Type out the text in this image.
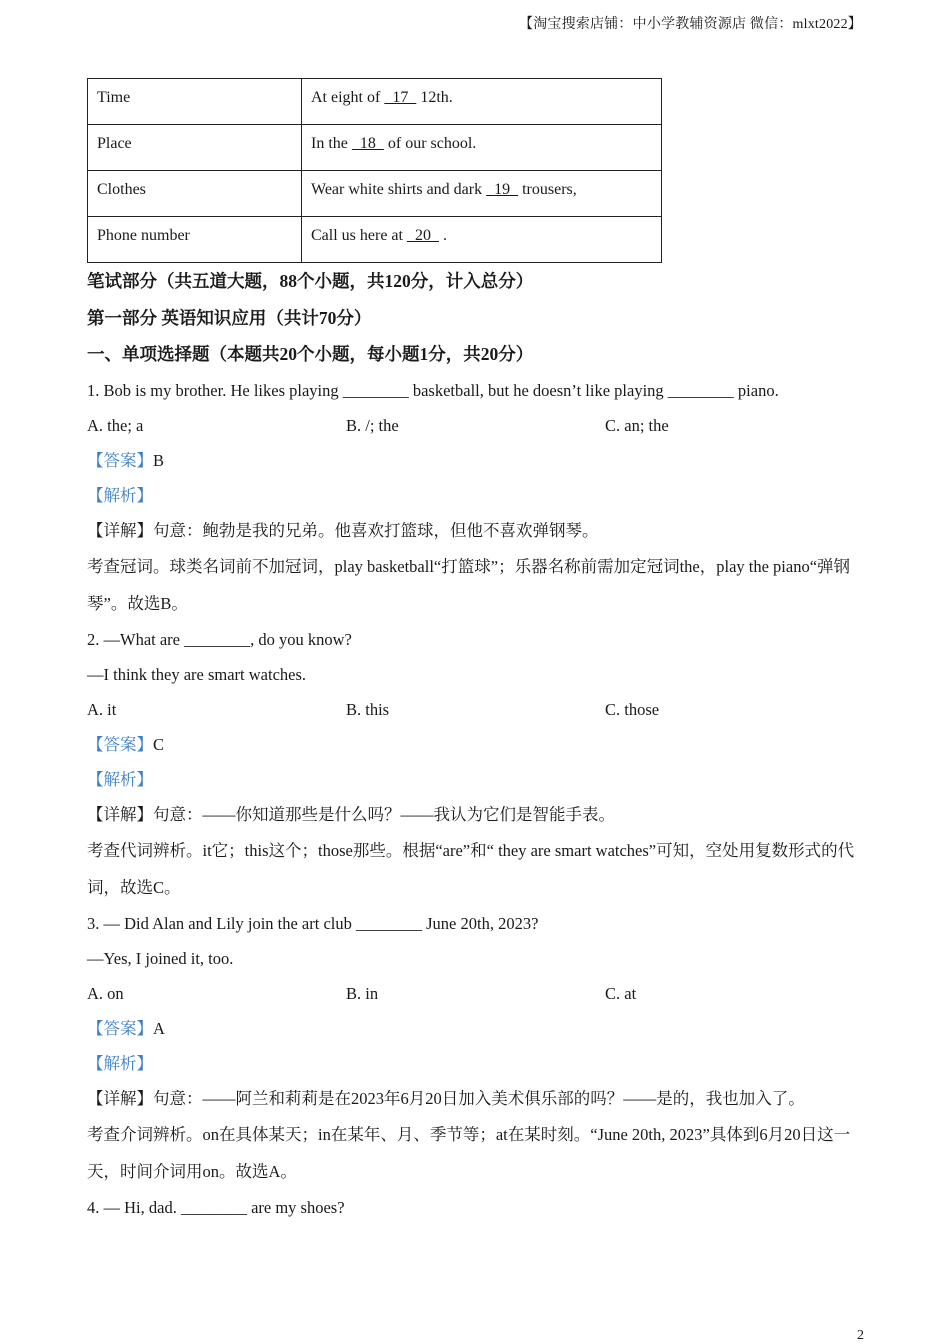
【淘宝搜索店铺：中小学教辅资源店 微信：mlxt2022】
Time	At eight of   17   12th.
Place	In the   18   of our school.
Clothes	Wear white shirts and dark   19   trousers,
Phone number	Call us here at   20   .
笔试部分（共五道大题，88个小题，共120分，计入总分）
第一部分 英语知识应用（共计70分）
一、单项选择题（本题共20个小题，每小题1分，共20分）
1. Bob is my brother. He likes playing ________ basketball, but he doesn’t like playing ________ piano.
A. the; a	B. /; the	C. an; the
【答案】B
【解析】
【详解】句意：鲍勃是我的兄弟。他喜欢打篮球，但他不喜欢弹钢琴。
考查冠词。球类名词前不加冠词，play basketball“打篮球”；乐器名称前需加定冠词the，play the piano“弹钢琴”。故选B。
2. —What are ________, do you know?
—I think they are smart watches.
A. it	B. this	C. those
【答案】C
【解析】
【详解】句意：——你知道那些是什么吗？——我认为它们是智能手表。
考查代词辨析。it它；this这个；those那些。根据“are”和“ they are smart watches”可知，空处用复数形式的代词，故选C。
3. — Did Alan and Lily join the art club ________ June 20th, 2023?
—Yes, I joined it, too.
A. on	B. in	C. at
【答案】A
【解析】
【详解】句意：——阿兰和莉莉是在2023年6月20日加入美术俱乐部的吗？——是的，我也加入了。
考查介词辨析。on在具体某天；in在某年、月、季节等；at在某时刻。“June 20th, 2023”具体到6月20日这一天，时间介词用on。故选A。
4. — Hi, dad. ________ are my shoes?
2
